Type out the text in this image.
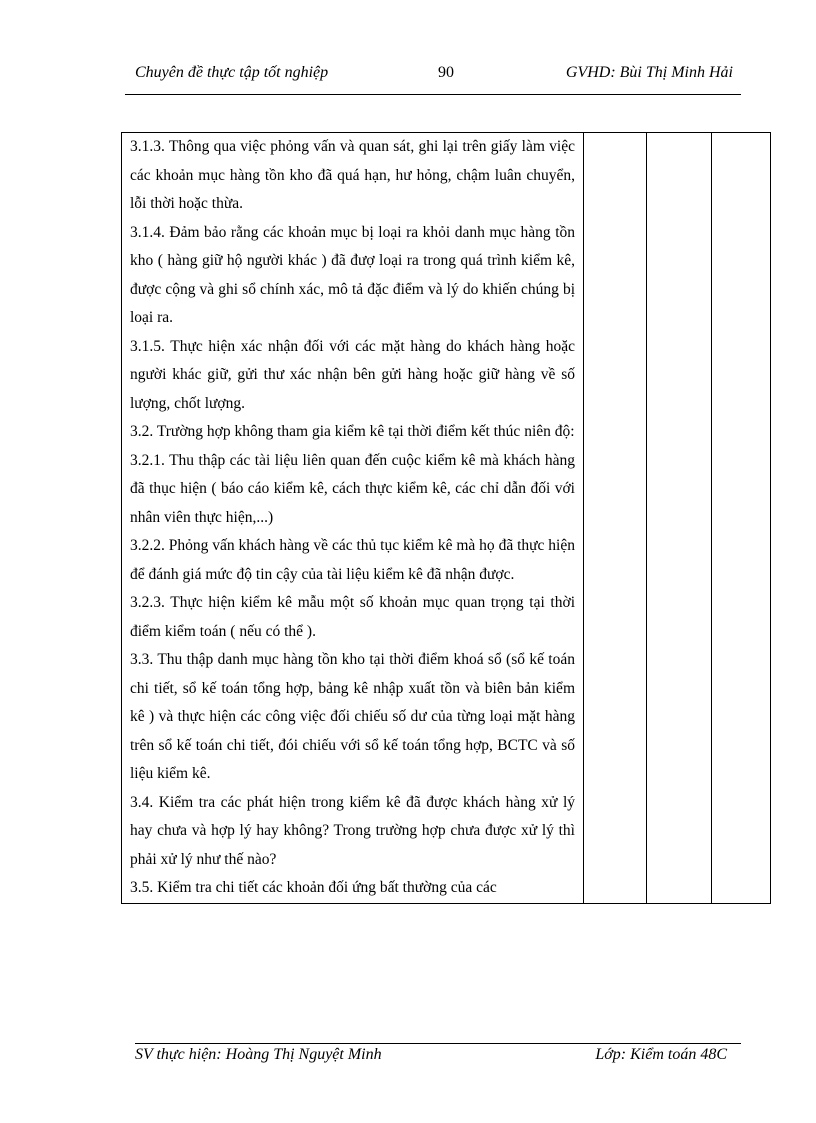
Chuyên đề thực tập tốt nghiệp	90	GVHD: Bùi Thị Minh Hải

3.1.3. Thông qua việc phỏng vấn và quan sát, ghi lại trên giấy làm việc các khoản mục hàng tồn kho đã quá hạn, hư hỏng, chậm luân chuyển, lỗi thời hoặc thừa.

3.1.4. Đảm bảo rằng các khoản mục bị loại ra khỏi danh mục hàng tồn kho ( hàng giữ hộ người khác ) đã đượ loại ra trong quá trình kiểm kê, được cộng và ghi sổ chính xác, mô tả đặc điểm và lý do khiến chúng bị loại ra.

3.1.5. Thực hiện xác nhận đối với các mặt hàng do khách hàng hoặc người khác giữ, gửi thư xác nhận bên gửi hàng hoặc giữ hàng về số lượng, chốt lượng.

3.2. Trường hợp không tham gia kiểm kê tại thời điểm kết thúc niên độ:

3.2.1. Thu thập các tài liệu liên quan đến cuộc kiểm kê mà khách hàng đã thục hiện ( báo cáo kiểm kê, cách thực kiểm kê, các chỉ dẫn đối với nhân viên thực hiện,...)

3.2.2. Phỏng vấn khách hàng về các thủ tục kiểm kê mà họ đã thực hiện để đánh giá mức độ tin cậy của tài liệu kiểm kê đã nhận được.

3.2.3. Thực hiện kiểm kê mẫu một số khoản mục quan trọng tại thời điểm kiểm toán ( nếu có thể ).

3.3. Thu thập danh mục hàng tồn kho tại thời điểm khoá sổ (sổ kế toán chi tiết, sổ kế toán tổng hợp, bảng kê nhập xuất tồn và biên bản kiểm kê ) và thực hiện các công việc đối chiếu số dư của từng loại mặt hàng trên sổ kế toán chi tiết, đói chiếu với sổ kế toán tổng hợp, BCTC và số liệu kiểm kê.

3.4. Kiểm tra các phát hiện trong kiểm kê đã được khách hàng xử lý hay chưa và hợp lý hay không? Trong trường hợp chưa được xử lý thì phải xử lý như thế nào?

3.5. Kiểm tra chi tiết các khoản đối ứng bất thường của các

SV thực hiện: Hoàng Thị Nguyệt Minh	Lớp: Kiểm toán 48C
